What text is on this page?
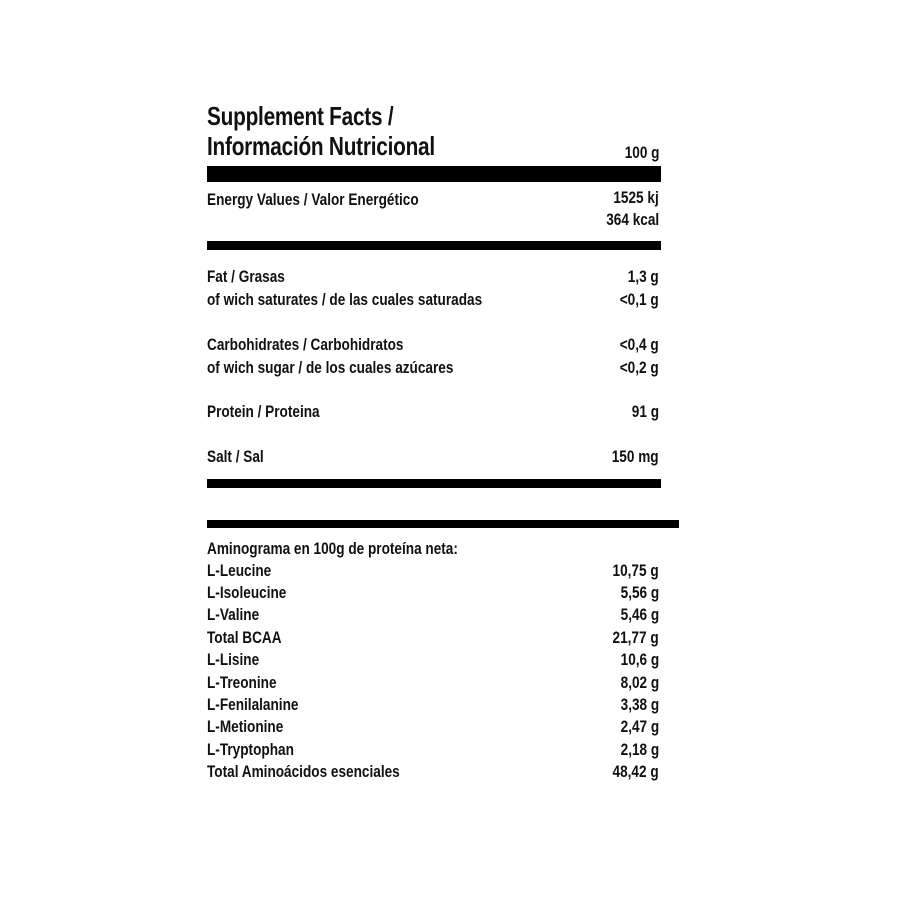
Supplement Facts /
Información Nutricional	100 g
Energy Values / Valor Energético	1525 kj
364 kcal
Fat / Grasas	1,3 g
of wich saturates / de las cuales saturadas	<0,1 g
Carbohidrates / Carbohidratos	<0,4 g
of wich sugar / de los cuales azúcares	<0,2 g
Protein / Proteina	91 g
Salt / Sal	150 mg
Aminograma en 100g de proteína neta:
L-Leucine	10,75 g
L-Isoleucine	5,56 g
L-Valine	5,46 g
Total BCAA	21,77 g
L-Lisine	10,6 g
L-Treonine	8,02 g
L-Fenilalanine	3,38 g
L-Metionine	2,47 g
L-Tryptophan	2,18 g
Total Aminoácidos esenciales	48,42 g
